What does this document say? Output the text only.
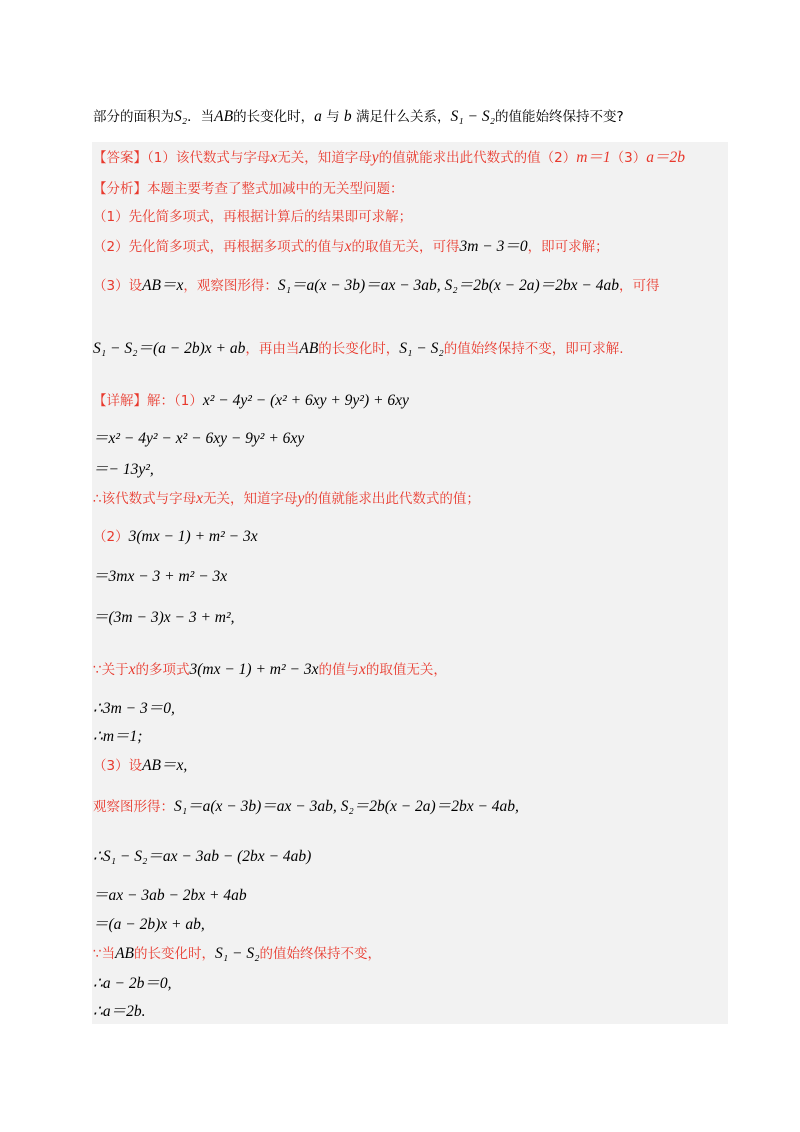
部分的面积为S₂．当AB的长变化时，a 与 b 满足什么关系，S₁ − S₂的值能始终保持不变?
【答案】（1）该代数式与字母x无关，知道字母y的值就能求出此代数式的值（2）m＝1（3）a＝2b
【分析】本题主要考查了整式加减中的无关型问题：
（1）先化简多项式，再根据计算后的结果即可求解；
（2）先化简多项式，再根据多项式的值与x的取值无关，可得3m − 3＝0，即可求解；
（3）设AB＝x，观察图形得：S₁＝a(x − 3b)＝ax − 3ab, S₂＝2b(x − 2a)＝2bx − 4ab，可得
S₁ − S₂＝(a − 2b)x + ab，再由当AB的长变化时，S₁ − S₂的值始终保持不变，即可求解.
【详解】解：（1）x² − 4y² − (x² + 6xy + 9y²) + 6xy
＝x² − 4y² − x² − 6xy − 9y² + 6xy
＝− 13y²,
∴该代数式与字母x无关，知道字母y的值就能求出此代数式的值；
（2）3(mx − 1) + m² − 3x
＝3mx − 3 + m² − 3x
＝(3m − 3)x − 3 + m²,
∵关于x的多项式3(mx − 1) + m² − 3x的值与x的取值无关，
∴3m − 3＝0,
∴m＝1;
（3）设AB＝x,
观察图形得：S₁＝a(x − 3b)＝ax − 3ab, S₂＝2b(x − 2a)＝2bx − 4ab,
∴S₁ − S₂＝ax − 3ab − (2bx − 4ab)
＝ax − 3ab − 2bx + 4ab
＝(a − 2b)x + ab,
∵当AB的长变化时，S₁ − S₂的值始终保持不变，
∴a − 2b＝0,
∴a＝2b.
